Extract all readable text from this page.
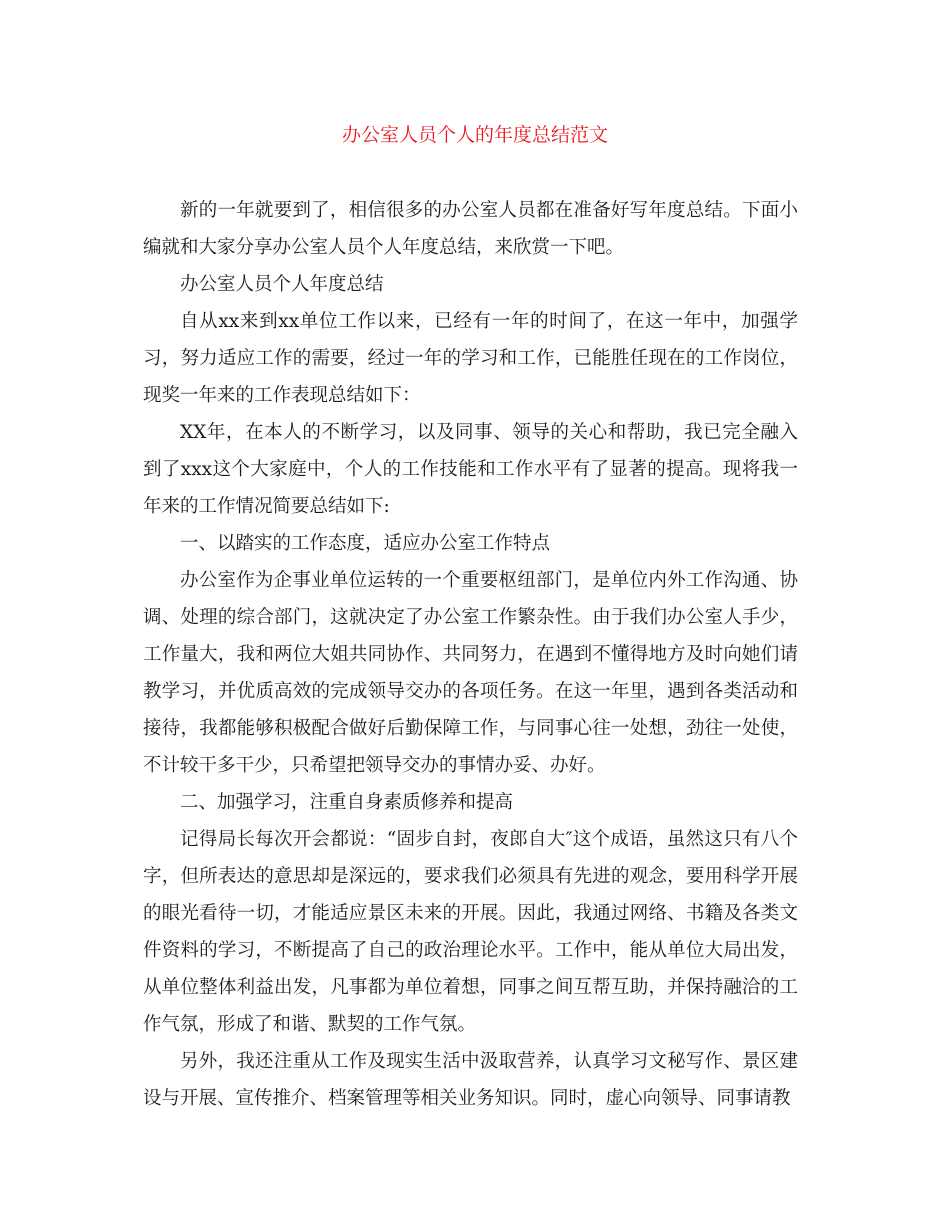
办公室人员个人的年度总结范文

新的一年就要到了，相信很多的办公室人员都在准备好写年度总结。下面小编就和大家分享办公室人员个人年度总结，来欣赏一下吧。

办公室人员个人年度总结

自从xx来到xx单位工作以来，已经有一年的时间了，在这一年中，加强学习，努力适应工作的需要，经过一年的学习和工作，已能胜任现在的工作岗位，现奖一年来的工作表现总结如下：

XX年，在本人的不断学习，以及同事、领导的关心和帮助，我已完全融入到了xxx这个大家庭中，个人的工作技能和工作水平有了显著的提高。现将我一年来的工作情况简要总结如下:

一、以踏实的工作态度，适应办公室工作特点

办公室作为企事业单位运转的一个重要枢纽部门，是单位内外工作沟通、协调、处理的综合部门，这就决定了办公室工作繁杂性。由于我们办公室人手少，工作量大，我和两位大姐共同协作、共同努力，在遇到不懂得地方及时向她们请教学习，并优质高效的完成领导交办的各项任务。在这一年里，遇到各类活动和接待，我都能够积极配合做好后勤保障工作，与同事心往一处想，劲往一处使，不计较干多干少，只希望把领导交办的事情办妥、办好。

二、加强学习，注重自身素质修养和提高

记得局长每次开会都说：“固步自封，夜郎自大″这个成语，虽然这只有八个字，但所表达的意思却是深远的，要求我们必须具有先进的观念，要用科学开展的眼光看待一切，才能适应景区未来的开展。因此，我通过网络、书籍及各类文件资料的学习，不断提高了自己的政治理论水平。工作中，能从单位大局出发，从单位整体利益出发，凡事都为单位着想，同事之间互帮互助，并保持融洽的工作气氛，形成了和谐、默契的工作气氛。

另外，我还注重从工作及现实生活中汲取营养，认真学习文秘写作、景区建设与开展、宣传推介、档案管理等相关业务知识。同时，虚心向领导、同事请教
